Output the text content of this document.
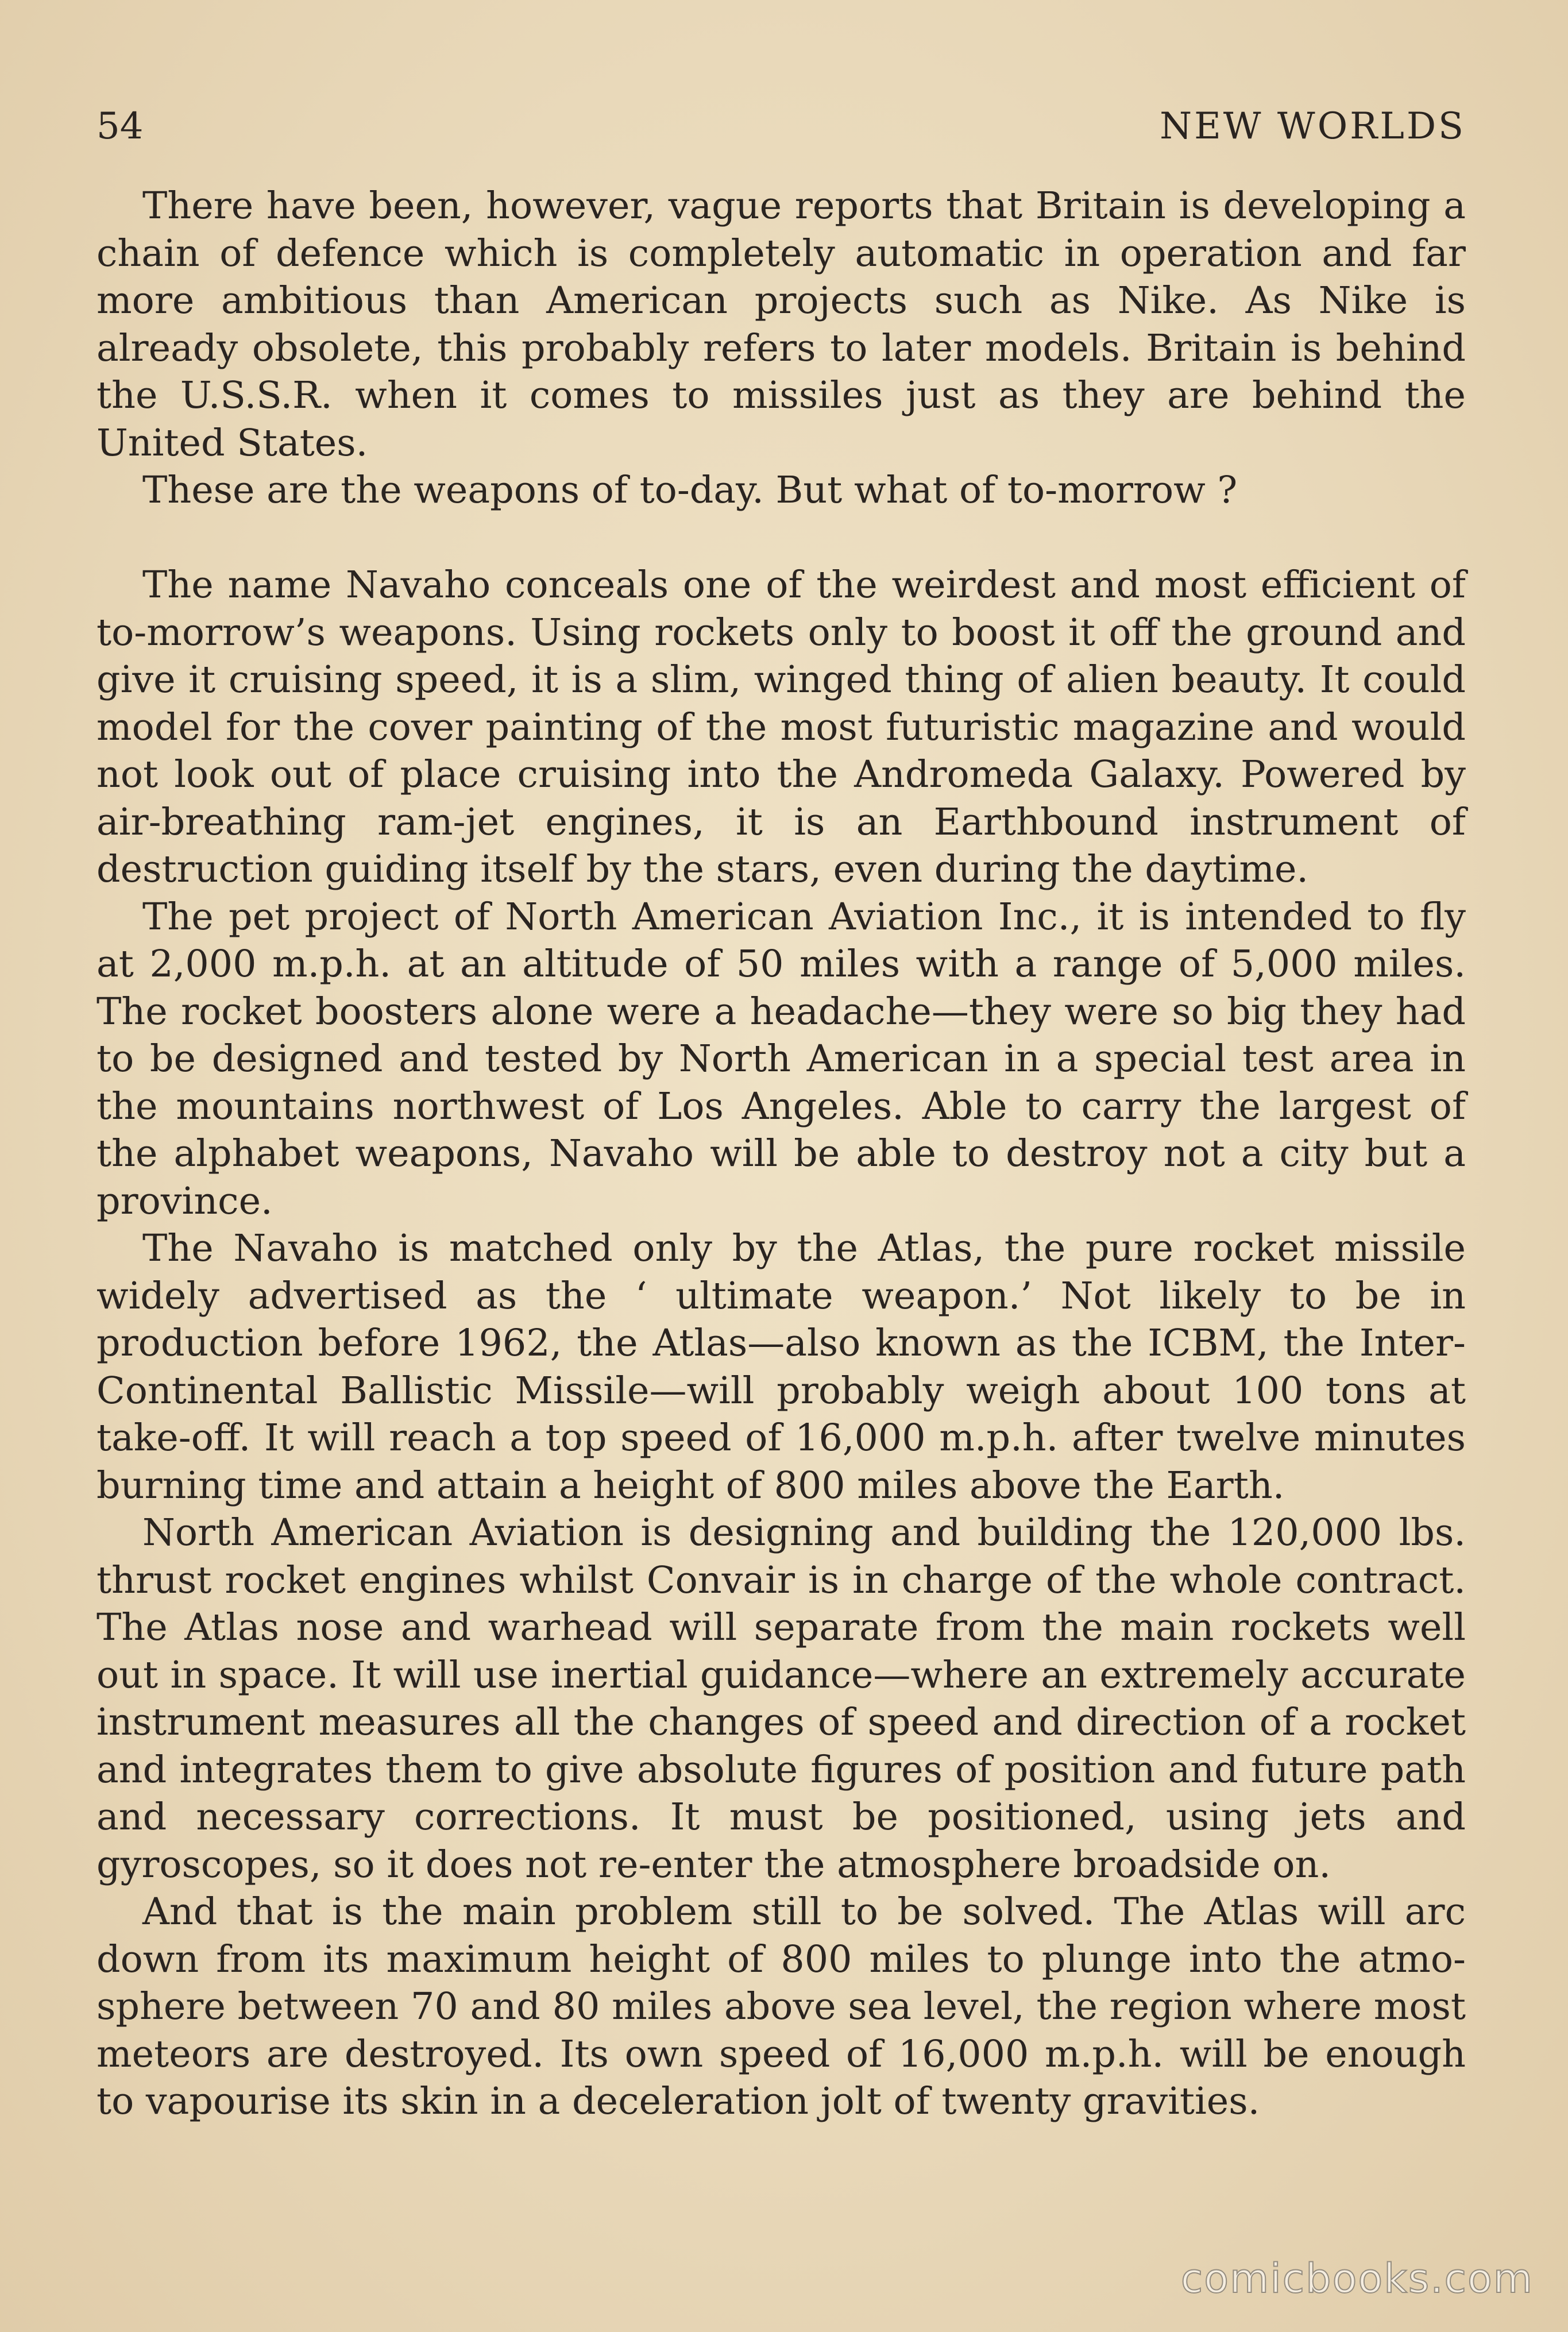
54	NEW WORLDS

There have been, however, vague reports that Britain is developing a chain of defence which is completely automatic in operation and far more ambitious than American projects such as Nike. As Nike is already obsolete, this probably refers to later models. Britain is behind the U.S.S.R. when it comes to missiles just as they are behind the United States.

These are the weapons of to-day. But what of to-morrow ?

The name Navaho conceals one of the weirdest and most efficient of to-morrow’s weapons. Using rockets only to boost it off the ground and give it cruising speed, it is a slim, winged thing of alien beauty. It could model for the cover painting of the most futuristic magazine and would not look out of place cruising into the Andromeda Galaxy. Powered by air-breathing ram-jet engines, it is an Earthbound instrument of destruction guiding itself by the stars, even during the daytime.

The pet project of North American Aviation Inc., it is intended to fly at 2,000 m.p.h. at an altitude of 50 miles with a range of 5,000 miles. The rocket boosters alone were a headache—they were so big they had to be designed and tested by North American in a special test area in the mountains northwest of Los Angeles. Able to carry the largest of the alphabet weapons, Navaho will be able to destroy not a city but a province.

The Navaho is matched only by the Atlas, the pure rocket missile widely advertised as the ‘ ultimate weapon.’ Not likely to be in production before 1962, the Atlas—also known as the ICBM, the Inter-Continental Ballistic Missile—will probably weigh about 100 tons at take-off. It will reach a top speed of 16,000 m.p.h. after twelve minutes burning time and attain a height of 800 miles above the Earth.

North American Aviation is designing and building the 120,000 lbs. thrust rocket engines whilst Convair is in charge of the whole contract. The Atlas nose and warhead will separate from the main rockets well out in space. It will use inertial guidance—where an extremely accurate instrument measures all the changes of speed and direction of a rocket and integrates them to give absolute figures of position and future path and necessary corrections. It must be positioned, using jets and gyroscopes, so it does not re-enter the atmosphere broadside on.

And that is the main problem still to be solved. The Atlas will arc down from its maximum height of 800 miles to plunge into the atmosphere between 70 and 80 miles above sea level, the region where most meteors are destroyed. Its own speed of 16,000 m.p.h. will be enough to vapourise its skin in a deceleration jolt of twenty gravities.

comicbooks.com
